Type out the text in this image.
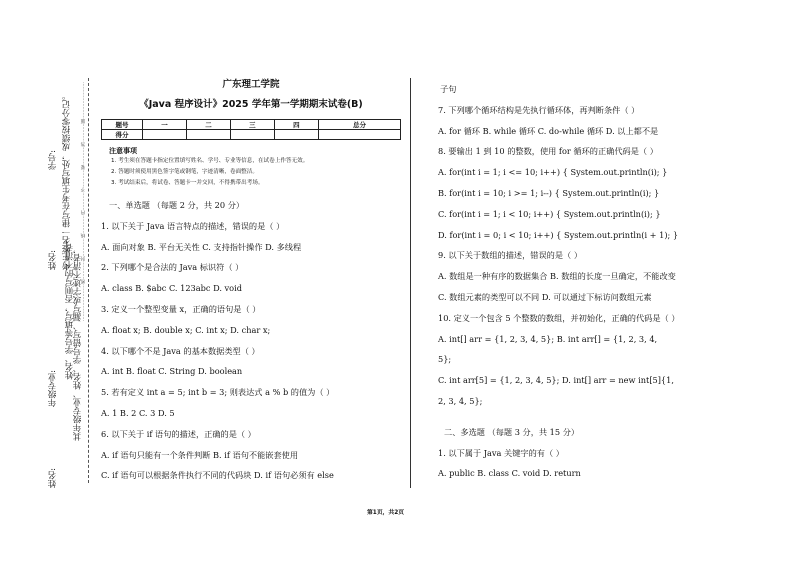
学号: 考生签名一律写在考生填写处，成绩按零分记。
姓名、学号等填写，否则写的不清者，
其年级专业、姓名、学号错写、漏写或字迹不清者，
姓名:
年级专业:
姓名:
……………………密…………封…………线…………内…………不…………要…………答…………题……………………	广东理工学院
《Java 程序设计》2025 学年第一学期期末试卷(B)
题号	一	二	三	四	总分
得分					
注意事项
1. 考生须在答题卡指定位置填写姓名、学号、专业等信息，在试卷上作答无效。
2. 答题时须使用黑色签字笔或钢笔，字迹清晰，卷面整洁。
3. 考试结束后，将试卷、答题卡一并交回，不得携带出考场。
一、单选题 （每题 2 分，共 20 分）
1. 以下关于 Java 语言特点的描述，错误的是（ ）
A. 面向对象 B. 平台无关性 C. 支持指针操作 D. 多线程
2. 下列哪个是合法的 Java 标识符（ ）
A. class B. $abc C. 123abc D. void
3. 定义一个整型变量 x，正确的语句是（ ）
A. float x; B. double x; C. int x; D. char x;
4. 以下哪个不是 Java 的基本数据类型（ ）
A. int B. float C. String D. boolean
5. 若有定义 int a = 5; int b = 3; 则表达式 a % b 的值为（ ）
A. 1 B. 2 C. 3 D. 5
6. 以下关于 if 语句的描述，正确的是（ ）
A. if 语句只能有一个条件判断 B. if 语句不能嵌套使用
C. if 语句可以根据条件执行不同的代码块 D. if 语句必须有 else
子句
7. 下列哪个循环结构是先执行循环体，再判断条件（ ）
A. for 循环 B. while 循环 C. do-while 循环 D. 以上都不是
8. 要输出 1 到 10 的整数，使用 for 循环的正确代码是（ ）
A. for(int i = 1; i <= 10; i++) { System.out.println(i); }
B. for(int i = 10; i >= 1; i--) { System.out.println(i); }
C. for(int i = 1; i < 10; i++) { System.out.println(i); }
D. for(int i = 0; i < 10; i++) { System.out.println(i + 1); }
9. 以下关于数组的描述，错误的是（ ）
A. 数组是一种有序的数据集合 B. 数组的长度一旦确定，不能改变
C. 数组元素的类型可以不同 D. 可以通过下标访问数组元素
10. 定义一个包含 5 个整数的数组，并初始化，正确的代码是（ ）
A. int[] arr = {1, 2, 3, 4, 5}; B. int arr[] = {1, 2, 3, 4,
5};
C. int arr[5] = {1, 2, 3, 4, 5}; D. int[] arr = new int[5]{1,
2, 3, 4, 5};
二、多选题 （每题 3 分，共 15 分）
1. 以下属于 Java 关键字的有（ ）
A. public B. class C. void D. return
第1页，共2页
